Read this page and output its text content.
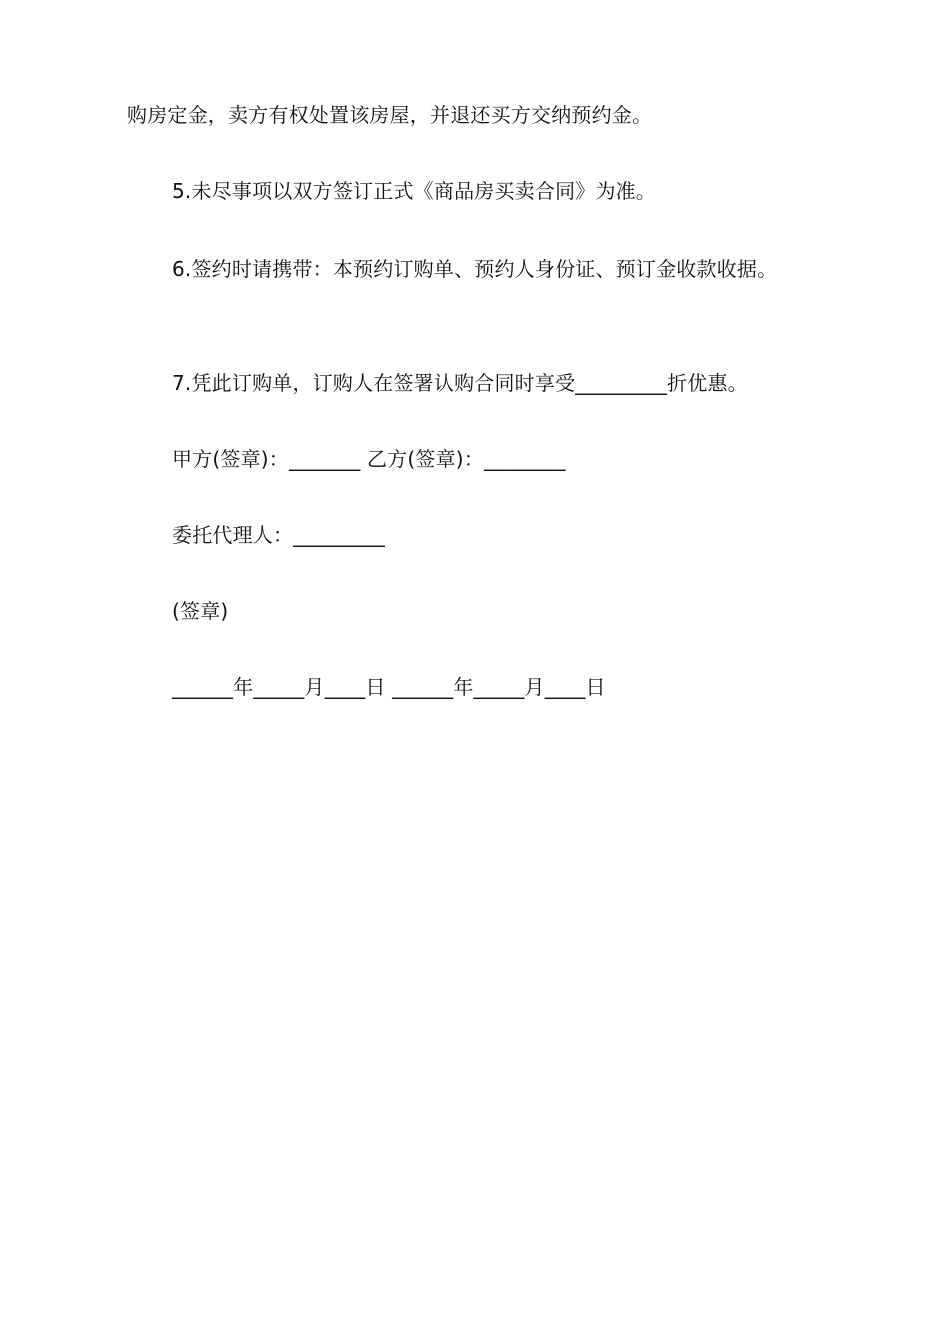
购房定金，卖方有权处置该房屋，并退还买方交纳预约金。
5.未尽事项以双方签订正式《商品房买卖合同》为准。
6.签约时请携带：本预约订购单、预约人身份证、预订金收款收据。
7.凭此订购单，订购人在签署认购合同时享受_________折优惠。
甲方(签章)：_______ 乙方(签章)：________
委托代理人：_________
(签章)
______年_____月____日 ______年_____月____日
